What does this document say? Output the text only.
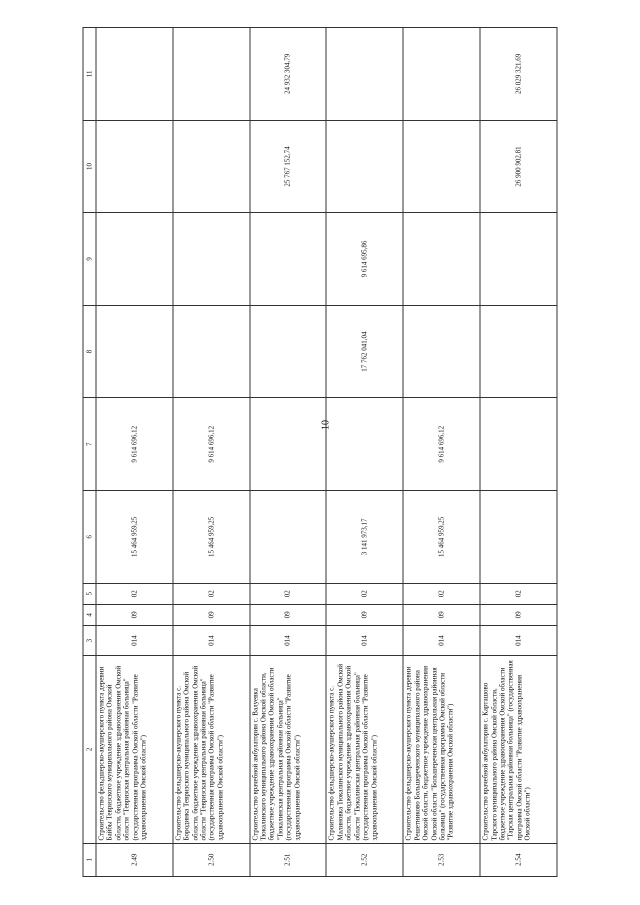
10
1	2	3	4	5	6	7	8	9	10	11
2.49	Строительство фельдшерско-акушерского пункта деревни Байбы Тевризского муниципального района Омской области, бюджетное учреждение здравоохранения Омской области "Тевризская центральная районная больница" (государственная программа Омской области "Развитие здравоохранения Омской области")	014	09	02	15 464 959,25	9 614 696,12				
2.50	Строительство фельдшерско-акушерского пункта с. Бородинка Тевризского муниципального района Омской области, бюджетное учреждение здравоохранения Омской области "Тевризская центральная районная больница" (государственная программа Омской области "Развитие здравоохранения Омской области")	014	09	02	15 464 959,25	9 614 696,12				
2.51	Строительство врачебной амбулатории с. Валуевка Тюкалинского муниципального района Омской области, бюджетное учреждение здравоохранения Омской области "Тюкалинская центральная районная больница" (государственная программа Омской области "Развитие здравоохранения Омской области")	014	09	02					25 767 152,74	24 932 304,79
2.52	Строительство фельдшерско-акушерского пункта с. Малиновка Тюкалинского муниципального района Омской области, бюджетное учреждение здравоохранения Омской области "Тюкалинская центральная районная больница" (государственная программа Омской области "Развитие здравоохранения Омской области")	014	09	02	3 141 973,17		17 762 041,04	9 614 695,86		
2.53	Строительство фельдшерско-акушерского пункта деревни Решетниково Большереченского муниципального района Омской области, бюджетное учреждение здравоохранения Омской области "Большереченская центральная районная больница" (государственная программа Омской области "Развитие здравоохранения Омской области")	014	09	02	15 464 959,25	9 614 696,12				
2.54	Строительство врачебной амбулатории с. Карташово Тарского муниципального района Омской области, бюджетное учреждение здравоохранения Омской области "Тарская центральная районная больница" (государственная программа Омской области "Развитие здравоохранения Омской области")	014	09	02					26 900 902,81	26 029 321,69
